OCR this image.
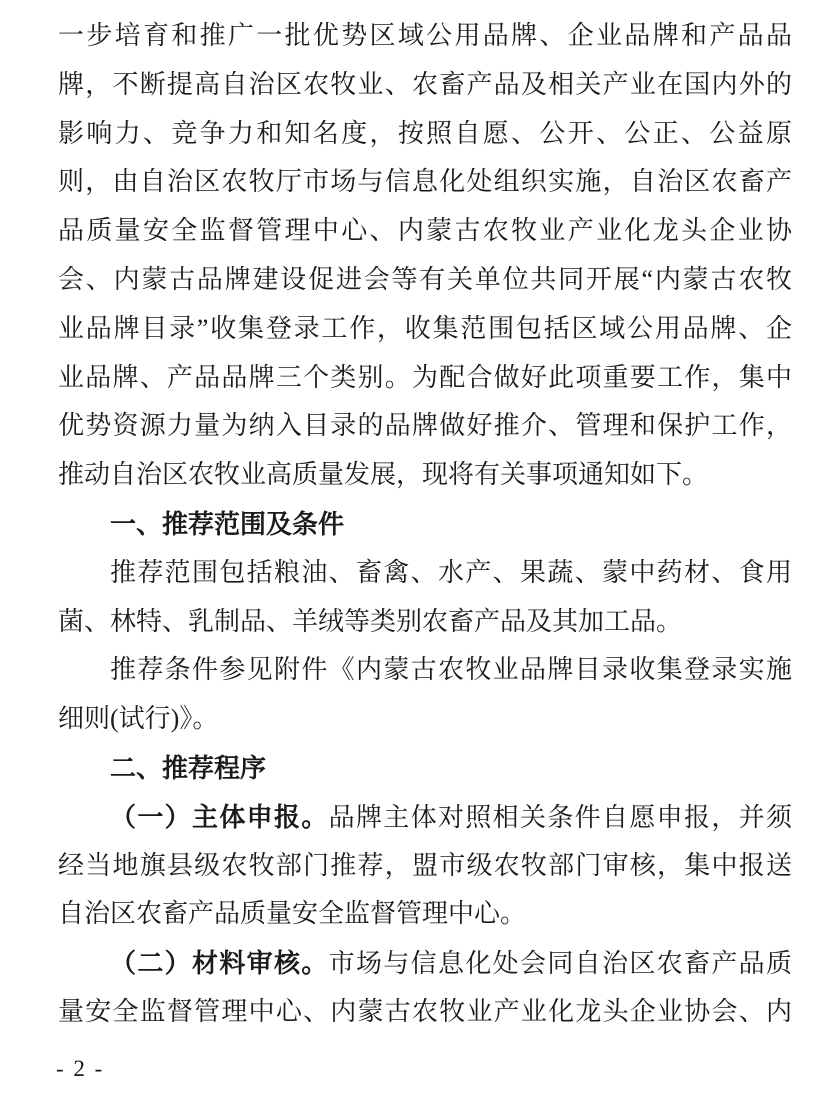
一步培育和推广一批优势区域公用品牌、企业品牌和产品品
牌，不断提高自治区农牧业、农畜产品及相关产业在国内外的
影响力、竞争力和知名度，按照自愿、公开、公正、公益原
则，由自治区农牧厅市场与信息化处组织实施，自治区农畜产
品质量安全监督管理中心、内蒙古农牧业产业化龙头企业协
会、内蒙古品牌建设促进会等有关单位共同开展“内蒙古农牧
业品牌目录”收集登录工作，收集范围包括区域公用品牌、企
业品牌、产品品牌三个类别。为配合做好此项重要工作，集中
优势资源力量为纳入目录的品牌做好推介、管理和保护工作，
推动自治区农牧业高质量发展，现将有关事项通知如下。
一、推荐范围及条件
推荐范围包括粮油、畜禽、水产、果蔬、蒙中药材、食用
菌、林特、乳制品、羊绒等类别农畜产品及其加工品。
推荐条件参见附件《内蒙古农牧业品牌目录收集登录实施
细则(试行)》。
二、推荐程序
（一）主体申报。品牌主体对照相关条件自愿申报，并须
经当地旗县级农牧部门推荐，盟市级农牧部门审核，集中报送
自治区农畜产品质量安全监督管理中心。
（二）材料审核。市场与信息化处会同自治区农畜产品质
量安全监督管理中心、内蒙古农牧业产业化龙头企业协会、内
- 2 -
